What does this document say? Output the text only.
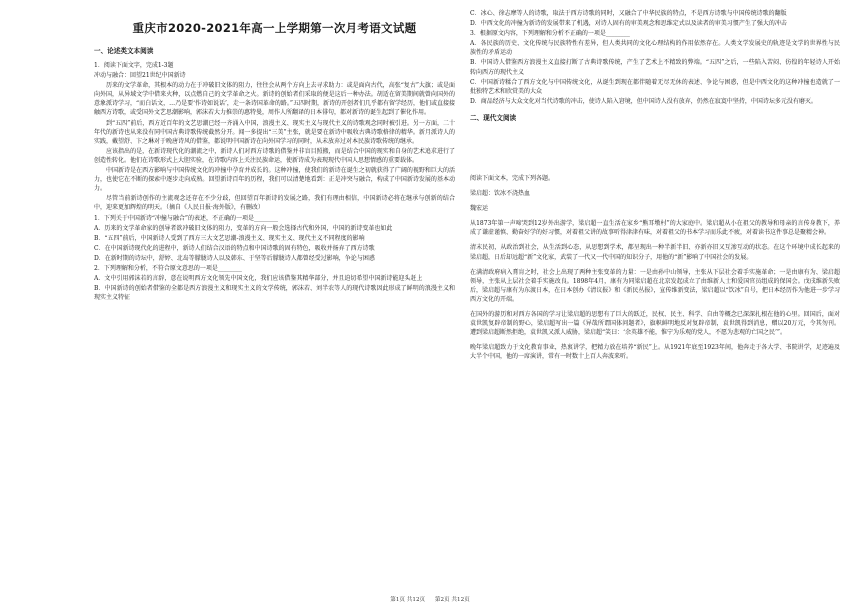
重庆市2020-2021年高一上学期第一次月考语文试题
一、论述类文本阅读
1．阅读下面文字，完成1-3题
冲动与融合：回望21世纪中国新诗
历来的文学革命，其根本的动力在于冲破旧文体的阻力，往往会从两个方向上去寻求助力：或是面向古代，高张“复古”大旗；或是面向外国，从异域文学中借来火种，以点燃自己的文学革命之火。新诗的创始者们采取的便是这后一种办法。胡适在留美期间就曾向国外的意象派诗学习，“而白话文，…乃是要‘作诗如说话’，走一条诗国革命的路。”五四时期，新诗的开创者们几乎都有留学经历，他们或直接接触西方诗歌，或受国外文艺思潮影响，郭沫若大力推崇的惠特曼，周作人所翻译的日本俳句，都对新诗的诞生起到了催化作用。
到“五四”前后，西方近百年的文艺思潮已经一齐涌入中国，浪漫主义、现实主义与现代主义的诗歌观念同时被引进。另一方面，二十年代的新诗也从来没有同中国古典诗歌传统截然分开。闻一多提出“三美”主张，就是要在新诗中吸收古典诗歌格律的精华。新月派诗人的实践，戴望舒、卞之琳对于晚唐诗风的借鉴，都说明中国新诗在向外国学习的同时，从未放弃过对本民族诗歌传统的继承。
应该指出的是，在新诗现代化的潮流之中，新诗人们对西方诗歌的借鉴并非盲目照搬，而是结合中国的现实和自身的艺术追求进行了创造性转化。他们在诗歌形式上大胆实验，在诗歌内容上关注民族命运，使新诗成为表现现代中国人思想情感的重要载体。
中国新诗是在西方影响与中国传统文化的冲撞中孕育并成长的。这种冲撞，使我们的新诗在诞生之初就获得了广阔的视野和巨大的活力，也使它在不断的探索中逐步走向成熟。回望新诗百年的历程，我们可以清楚地看到：正是冲突与融合，构成了中国新诗发展的基本动力。
尽管当前新诗创作的主流观念还存在不少分歧，但回望百年新诗的发展之路，我们有理由相信，中国新诗必将在继承与创新的结合中，迎来更加辉煌的明天。（摘自《人民日报·海外版》，有删改）
1．下列关于中国新诗“冲撞与融合”的表述，不正确的一项是________
A．历来的文学革命家的创导者欲冲破旧文体的阻力，变革的方向一般会选择古代和外国，中国的新诗变革也如此
B．“五四”前后，中国新诗人受到了西方三大文艺思潮-浪漫主义、现实主义、现代主义不同程度的影响
C．在中国新诗现代化的进程中，新诗人们结合汉语的特点和中国诗歌的固有特色，吸收并扬弃了西方诗歌
D．在新时期的诗坛中，舒婷、北岛等朦胧诗人以及韩东、于坚等后朦胧诗人都曾经受过影响，争论与困惑
2．下列理解和分析，不符合原文意思的一项是________
A．文中引用郭沫若的言辞，意在说明西方文化领先中国文化，我们应该借鉴其精华部分，并且迫切希望中国新诗能迎头赶上
B．中国新诗的创始者借鉴的全都是西方浪漫主义和现实主义的文学传统，郭沫若、刘半农等人的现代诗歌因此形成了鲜明的浪漫主义和现实主义特征
C．冰心、徐志摩等人的诗歌，取法于西方诗歌的同时，又融合了中华民族的特点，不是西方诗歌与中国传统诗歌的翻版
D．中西文化的冲撞为新诗的发展带来了机遇，对诗人固有的审美观念和思维定式以及读者的审美习惯产生了强大的冲击
3．根据原文内容，下列理解和分析不正确的一项是________
A．各民族的历史、文化传统与民族特性有差异，但人类共同的文化心理结构的作用依然存在。人类文学发展史的轨迹是文学的世界性与民族性的矛盾运动
B．中国诗人借鉴西方浪漫主义直接打断了古典诗歌传统，产生了艺术上不精致的弊端。“五四”之后，一些陷入苦闷、彷徨的年轻诗人开始转向西方的现代主义
C．中国新诗糅合了西方文化与中国传统文化，从诞生到现在都伴随着无尽无休的表述、争论与困惑，但是中西文化的这种冲撞也造就了一批独特艺术和欣赏美的大众
D．商品经济与大众文化对当代诗歌的冲击，使诗人陷入窘境，但中国诗人没有放弃，仍然在寂寞中坚持，中国诗坛多元没有磨灭。
二、现代文阅读
阅读下面文本，完成下列各题。
梁启超：饮冰不浇热血
魏宏运
从1873年第一声啼哭到12岁外出游学，梁启超一直生活在家乡“熊耳墩村”的大家庭中。梁启超从小在祖父的教导和母亲的言传身教下，养成了谦虚谨慎、勤奋好学的好习惯，对着祖父讲的故事听得津津有味，对着祖父的书本学习而乐此不疲，对着读书这件事总是聚精会神。
清末民初，从政治到社会，从生活到心态，从思想到学术，都呈现出一种半新半旧、亦新亦旧又互渗互动的状态。在这个环境中成长起来的梁启超，日后却远超“新”文化家，武装了一代又一代中国的知识分子，用他的“新”影响了中国社会的发展。
在满清政府病入膏肓之时，社会上出现了两种主张变革的力量：一是由孙中山领导，主张从下层社会着手实施革命；一是由康有为、梁启超领导，主张从上层社会着手实施改良。1898年4月，康有为同梁启超在北京发起成立了由维新人士和爱国官员组成的保国会。戊戌维新失败后，梁启超与康有为东渡日本，在日本创办《清议报》和《新民丛报》，宣传维新变法，梁启超以“饮冰”自号，把日本经历作为他进一步学习西方文化的开端。
在国外的游历和对西方各国的学习让梁启超的思想有了巨大的跃迁，民权、民主、科学、自由等概念已深深扎根在他的心里。回国后，面对袁世凯复辟帝制的野心，梁启超写出一篇《异哉所谓国体问题者》，旗帜鲜明地反对复辟帝制，袁世凯得到消息，赠以20万元，令其勿刊。遭到梁启超断然拒绝，袁世凯又派人威胁，梁启超“笑曰：‘余英雄不能，惟宁为乐观的党人，不愿为悲观的亡国之民’”。
晚年梁启超致力于文化教育事业，热衷讲学，把精力放在培养“新民”上。从1921年底至1923年间，他奔走于各大学、书院讲学，足迹遍及大半个中国，他的一席演讲，常有一时数十上百人奔波来听。
第1页 共12页 第2页 共12页
